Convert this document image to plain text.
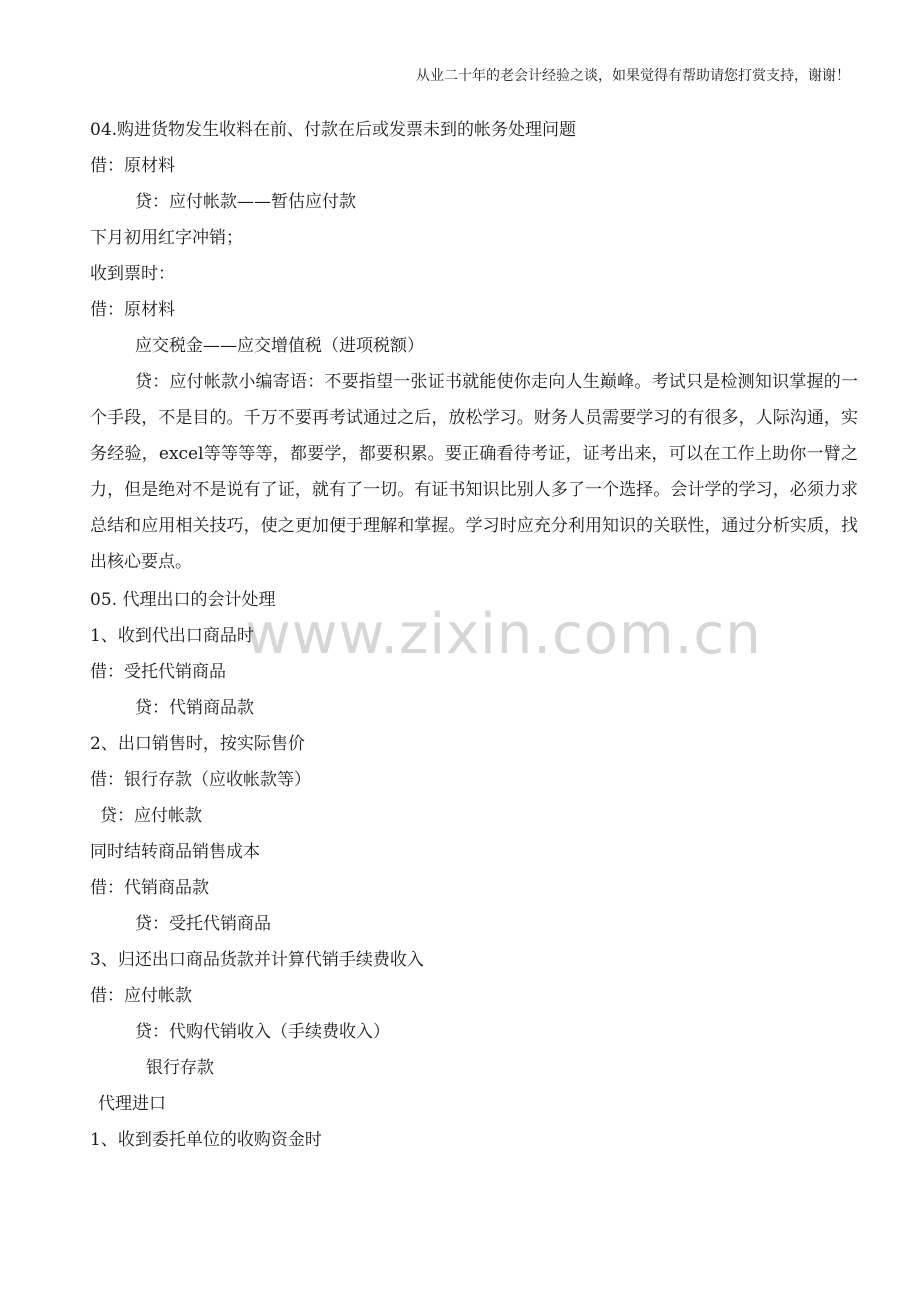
从业二十年的老会计经验之谈，如果觉得有帮助请您打赏支持，谢谢！
www.zixin.com.cn
04.购进货物发生收料在前、付款在后或发票未到的帐务处理问题
借：原材料
贷：应付帐款——暂估应付款
下月初用红字冲销；
收到票时：
借：原材料
应交税金——应交增值税（进项税额）
贷：应付帐款小编寄语：不要指望一张证书就能使你走向人生巅峰。考试只是检测知识掌握的一个手段，不是目的。千万不要再考试通过之后，放松学习。财务人员需要学习的有很多，人际沟通，实务经验，excel等等等等，都要学，都要积累。要正确看待考证，证考出来，可以在工作上助你一臂之力，但是绝对不是说有了证，就有了一切。有证书知识比别人多了一个选择。会计学的学习，必须力求总结和应用相关技巧，使之更加便于理解和掌握。学习时应充分利用知识的关联性，通过分析实质，找出核心要点。
05. 代理出口的会计处理
1、收到代出口商品时
借：受托代销商品
贷：代销商品款
2、出口销售时，按实际售价
借：银行存款（应收帐款等）
贷：应付帐款
同时结转商品销售成本
借：代销商品款
贷：受托代销商品
3、归还出口商品货款并计算代销手续费收入
借：应付帐款
贷：代购代销收入（手续费收入）
银行存款
代理进口
1、收到委托单位的收购资金时
